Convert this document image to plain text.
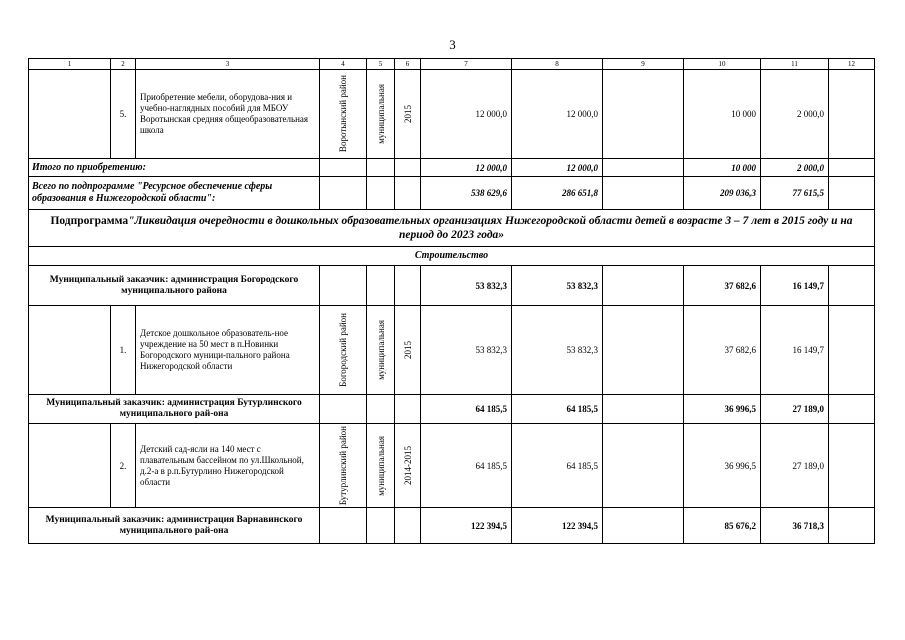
3
1	2	3	4	5	6	7	8	9	10	11	12
	5.	Приобретение мебели, оборудова-ния и учебно-наглядных пособий для МБОУ Воротынская средняя общеобразовательная школа	Воротынский район	муниципальная	2015	12 000,0	12 000,0		10 000	2 000,0	
Итого по приобретению:						12 000,0	12 000,0		10 000	2 000,0	
Всего по подпрограмме "Ресурсное обеспечение сферы образования в Нижегородской области":						538 629,6	286 651,8		209 036,3	77 615,5	
Подпрограмма"Ликвидация очередности в дошкольных образовательных организациях Нижегородской области детей в возрасте 3 – 7 лет в 2015 году и на период до 2023 года»											
Строительство											
Муниципальный заказчик: администрация Богородского муниципального района						53 832,3	53 832,3		37 682,6	16 149,7	
	1.	Детское дошкольное образователь-ное учреждение на 50 мест в п.Новинки Богородского муници-пального района Нижегородской области	Богородский район	муниципальная	2015	53 832,3	53 832,3		37 682,6	16 149,7	
Муниципальный заказчик: администрация Бутурлинского муниципального рай-она						64 185,5	64 185,5		36 996,5	27 189,0	
	2.	Детский сад-ясли на 140 мест с плавательным бассейном по ул.Школьной, д.2-а в р.п.Бутурлино Нижегородской области	Бутурлинский район	муниципальная	2014-2015	64 185,5	64 185,5		36 996,5	27 189,0	
Муниципальный заказчик: администрация Варнавинского муниципального рай-она						122 394,5	122 394,5		85 676,2	36 718,3	
